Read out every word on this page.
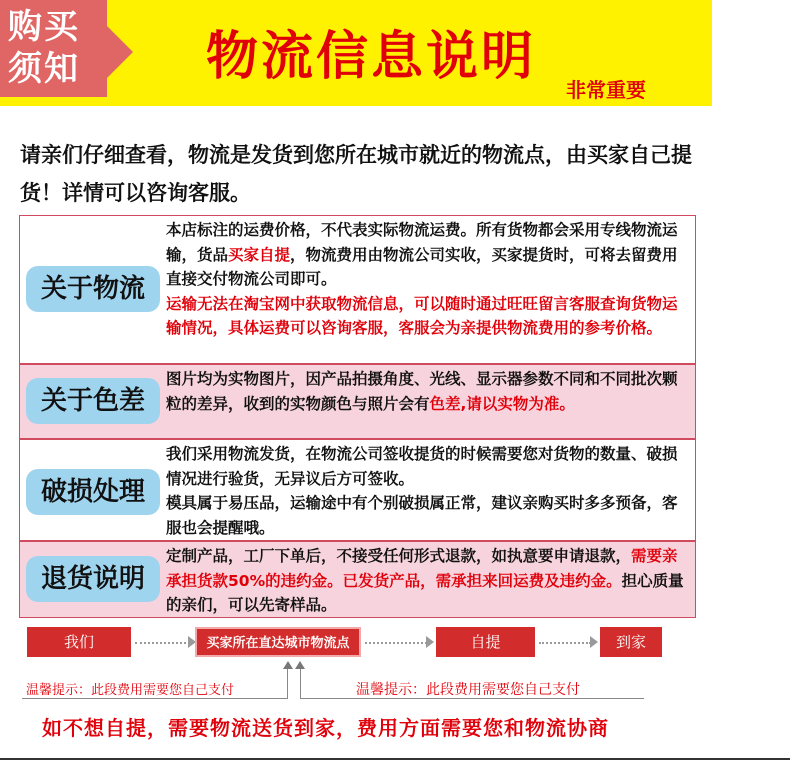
购买
须知	物流信息说明
非常重要
请亲们仔细查看，物流是发货到您所在城市就近的物流点，由买家自己提货！详情可以咨询客服。
关于物流
本店标注的运费价格，不代表实际物流运费。所有货物都会采用专线物流运输，货品买家自提，物流费用由物流公司实收，买家提货时，可将去留费用直接交付物流公司即可。
运输无法在淘宝网中获取物流信息，可以随时通过旺旺留言客服查询货物运输情况，具体运费可以咨询客服，客服会为亲提供物流费用的参考价格。
关于色差
图片均为实物图片，因产品拍摄角度、光线、显示器参数不同和不同批次颗粒的差异，收到的实物颜色与照片会有色差,请以实物为准。
破损处理
我们采用物流发货，在物流公司签收提货的时候需要您对货物的数量、破损情况进行验货，无异议后方可签收。
模具属于易压品，运输途中有个别破损属正常，建议亲购买时多多预备，客服也会提醒哦。
退货说明
定制产品，工厂下单后，不接受任何形式退款，如执意要申请退款，需要亲承担货款50%的违约金。已发货产品，需承担来回运费及违约金。担心质量的亲们，可以先寄样品。
我们	买家所在直达城市物流点	自提	到家
温馨提示：此段费用需要您自己支付	温馨提示：此段费用需要您自己支付
如不想自提，需要物流送货到家，费用方面需要您和物流协商
